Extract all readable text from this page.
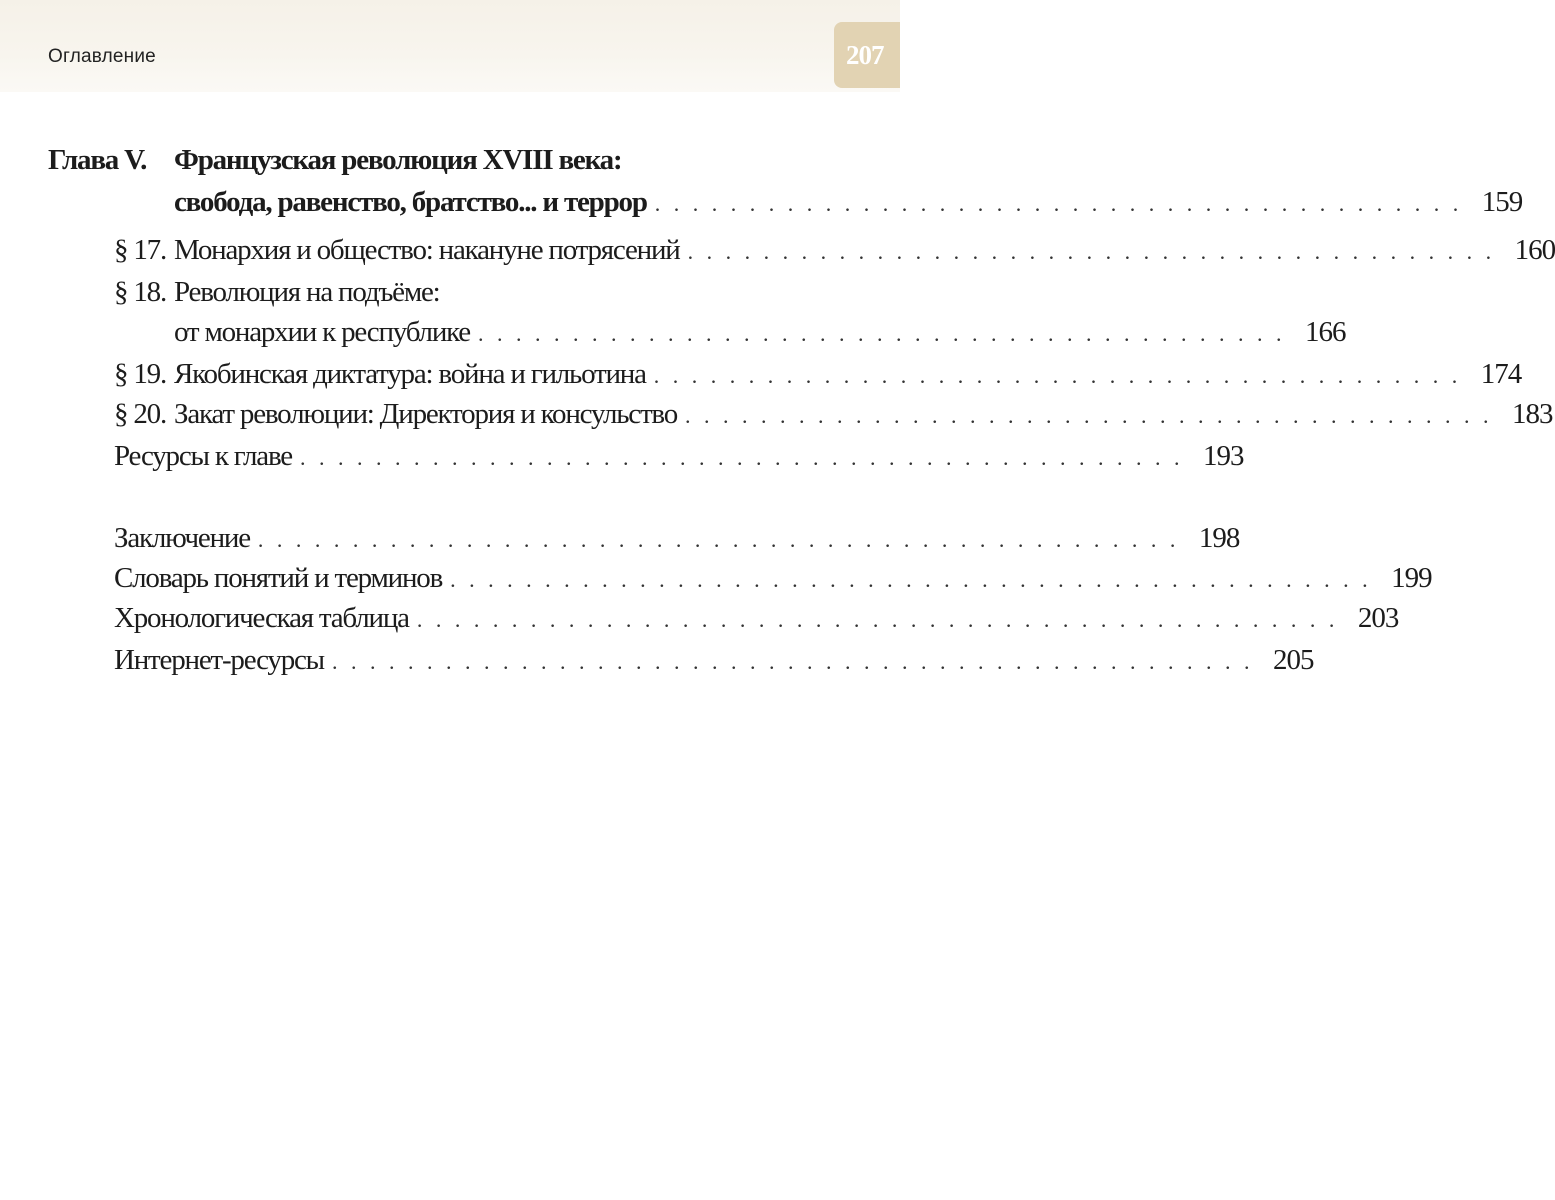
Оглавление	207
Глава V. Французская революция XVIII века:
свобода, равенство, братство... и террор . . . . . . . . . . . . . . . . . . . . . . . . . . . . . . . . . . . . . . . . . . . 159
§ 17. Монархия и общество: накануне потрясений . . . . . . . . . . . . . . . . . . . . . . . . . . . . . . . . . . . . . . . . . . . 160
§ 18. Революция на подъёме:
от монархии к республике . . . . . . . . . . . . . . . . . . . . . . . . . . . . . . . . . . . . . . . . . . . 166
§ 19. Якобинская диктатура: война и гильотина . . . . . . . . . . . . . . . . . . . . . . . . . . . . . . . . . . . . . . . . . . . 174
§ 20. Закат революции: Директория и консульство . . . . . . . . . . . . . . . . . . . . . . . . . . . . . . . . . . . . . . . . . . . 183
Ресурсы к главе . . . . . . . . . . . . . . . . . . . . . . . . . . . . . . . . . . . . . . . . . . . . . . . 193
Заключение . . . . . . . . . . . . . . . . . . . . . . . . . . . . . . . . . . . . . . . . . . . . . . . . . 198
Словарь понятий и терминов . . . . . . . . . . . . . . . . . . . . . . . . . . . . . . . . . . . . . . . . . . . . . . . . . 199
Хронологическая таблица . . . . . . . . . . . . . . . . . . . . . . . . . . . . . . . . . . . . . . . . . . . . . . . . . 203
Интернет-ресурсы . . . . . . . . . . . . . . . . . . . . . . . . . . . . . . . . . . . . . . . . . . . . . . . . . 205
